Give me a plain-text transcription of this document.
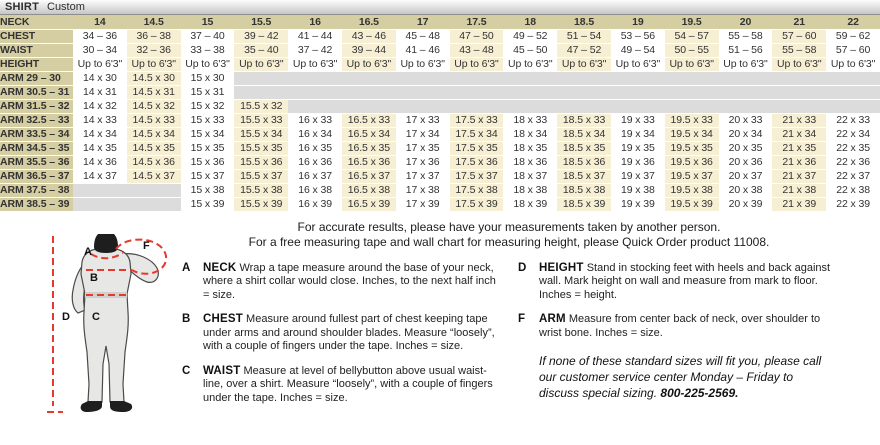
SHIRT Custom
NECK	14	14.5	15	15.5	16	16.5	17	17.5	18	18.5	19	19.5	20	21	22
CHEST	34 – 36	36 – 38	37 – 40	39 – 42	41 – 44	43 – 46	45 – 48	47 – 50	49 – 52	51 – 54	53 – 56	54 – 57	55 – 58	57 – 60	59 – 62
WAIST	30 – 34	32 – 36	33 – 38	35 – 40	37 – 42	39 – 44	41 – 46	43 – 48	45 – 50	47 – 52	49 – 54	50 – 55	51 – 56	55 – 58	57 – 60
HEIGHT	Up to 6'3"	Up to 6'3"	Up to 6'3"	Up to 6'3"	Up to 6'3"	Up to 6'3"	Up to 6'3"	Up to 6'3"	Up to 6'3"	Up to 6'3"	Up to 6'3"	Up to 6'3"	Up to 6'3"	Up to 6'3"	Up to 6'3"
ARM 29 – 30	14 x 30	14.5 x 30	15 x 30												
ARM 30.5 – 31	14 x 31	14.5 x 31	15 x 31												
ARM 31.5 – 32	14 x 32	14.5 x 32	15 x 32	15.5 x 32											
ARM 32.5 – 33	14 x 33	14.5 x 33	15 x 33	15.5 x 33	16 x 33	16.5 x 33	17 x 33	17.5 x 33	18 x 33	18.5 x 33	19 x 33	19.5 x 33	20 x 33	21 x 33	22 x 33
ARM 33.5 – 34	14 x 34	14.5 x 34	15 x 34	15.5 x 34	16 x 34	16.5 x 34	17 x 34	17.5 x 34	18 x 34	18.5 x 34	19 x 34	19.5 x 34	20 x 34	21 x 34	22 x 34
ARM 34.5 – 35	14 x 35	14.5 x 35	15 x 35	15.5 x 35	16 x 35	16.5 x 35	17 x 35	17.5 x 35	18 x 35	18.5 x 35	19 x 35	19.5 x 35	20 x 35	21 x 35	22 x 35
ARM 35.5 – 36	14 x 36	14.5 x 36	15 x 36	15.5 x 36	16 x 36	16.5 x 36	17 x 36	17.5 x 36	18 x 36	18.5 x 36	19 x 36	19.5 x 36	20 x 36	21 x 36	22 x 36
ARM 36.5 – 37	14 x 37	14.5 x 37	15 x 37	15.5 x 37	16 x 37	16.5 x 37	17 x 37	17.5 x 37	18 x 37	18.5 x 37	19 x 37	19.5 x 37	20 x 37	21 x 37	22 x 37
ARM 37.5 – 38			15 x 38	15.5 x 38	16 x 38	16.5 x 38	17 x 38	17.5 x 38	18 x 38	18.5 x 38	19 x 38	19.5 x 38	20 x 38	21 x 38	22 x 38
ARM 38.5 – 39			15 x 39	15.5 x 39	16 x 39	16.5 x 39	17 x 39	17.5 x 39	18 x 39	18.5 x 39	19 x 39	19.5 x 39	20 x 39	21 x 39	22 x 39
A	F
B
D C
For accurate results, please have your measurements taken by another person.
For a free measuring tape and wall chart for measuring height, please Quick Order product 11008.
A	NECK Wrap a tape measure around the base of your neck, where a shirt collar would close. Inches, to the next half inch = size.
B	CHEST Measure around fullest part of chest keeping tape under arms and around shoulder blades. Measure “loosely”, with a couple of fingers under the tape. Inches = size.
C	WAIST Measure at level of bellybutton above usual waist-line, over a shirt. Measure “loosely”, with a couple of fingers under the tape. Inches = size.
D	HEIGHT Stand in stocking feet with heels and back against wall. Mark height on wall and measure from mark to floor. Inches = height.
F	ARM Measure from center back of neck, over shoulder to wrist bone. Inches = size.
If none of these standard sizes will fit you, please call our customer service center Monday – Friday to discuss special sizing. 800-225-2569.
